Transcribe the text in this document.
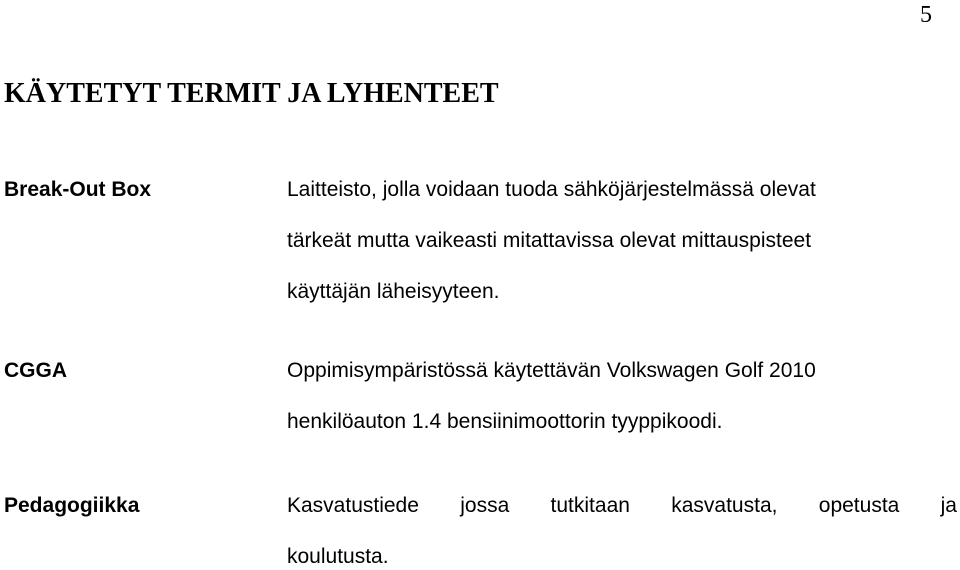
5
KÄYTETYT TERMIT JA LYHENTEET
Break-Out Box	Laitteisto, jolla voidaan tuoda sähköjärjestelmässä olevat
tärkeät mutta vaikeasti mitattavissa olevat mittauspisteet
käyttäjän läheisyyteen.
CGGA	Oppimisympäristössä käytettävän Volkswagen Golf 2010
henkilöauton 1.4 bensiinimoottorin tyyppikoodi.
Pedagogiikka	Kasvatustiede jossa tutkitaan kasvatusta, opetusta ja
koulutusta.
